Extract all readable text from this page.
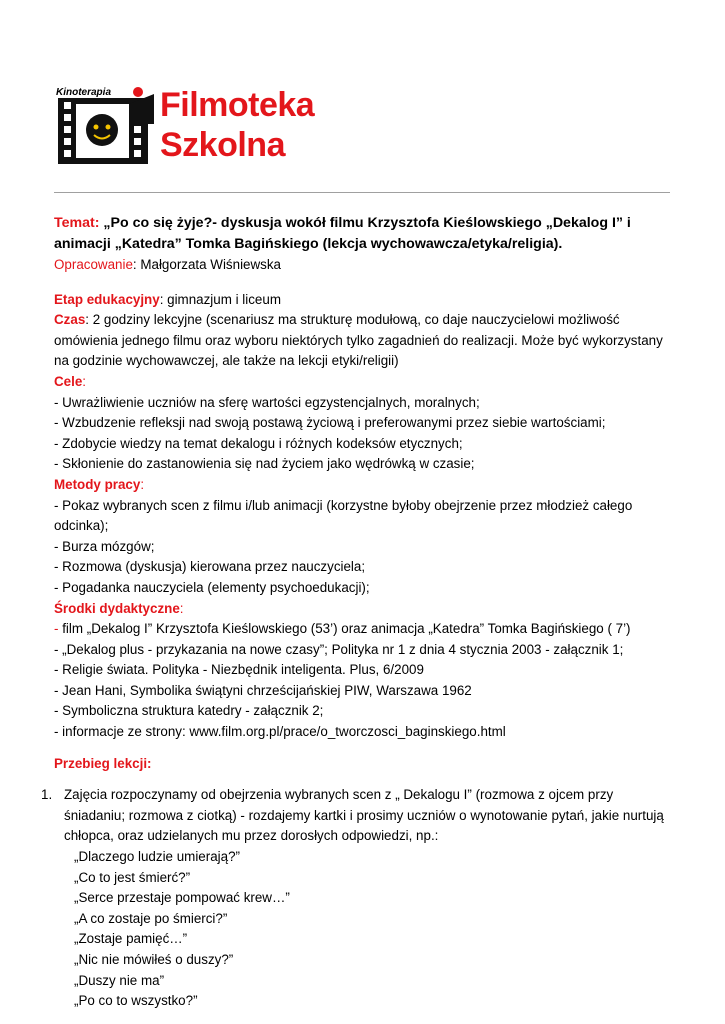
Kinoterapia Filmoteka
Szkolna

Temat: „Po co się żyje?- dyskusja wokół filmu Krzysztofa Kieślowskiego „Dekalog I” i animacji „Katedra” Tomka Bagińskiego (lekcja wychowawcza/etyka/religia).

Opracowanie: Małgorzata Wiśniewska

Etap edukacyjny: gimnazjum i liceum

Czas: 2 godziny lekcyjne (scenariusz ma strukturę modułową, co daje nauczycielowi możliwość omówienia jednego filmu oraz wyboru niektórych tylko zagadnień do realizacji. Może być wykorzystany na godzinie wychowawczej, ale także na lekcji etyki/religii)

Cele:

- Uwrażliwienie uczniów na sferę wartości egzystencjalnych, moralnych;

- Wzbudzenie refleksji nad swoją postawą życiową i preferowanymi przez siebie wartościami;

- Zdobycie wiedzy na temat dekalogu i różnych kodeksów etycznych;

- Skłonienie do zastanowienia się nad życiem jako wędrówką w czasie;

Metody pracy:

- Pokaz wybranych scen z filmu i/lub animacji (korzystne byłoby obejrzenie przez młodzież całego odcinka);

- Burza mózgów;

- Rozmowa (dyskusja) kierowana przez nauczyciela;

- Pogadanka nauczyciela (elementy psychoedukacji);

Środki dydaktyczne:

- film „Dekalog I” Krzysztofa Kieślowskiego (53’) oraz animacja „Katedra” Tomka Bagińskiego ( 7’)

- „Dekalog plus - przykazania na nowe czasy”; Polityka nr 1 z dnia 4 stycznia 2003 - załącznik 1;

- Religie świata. Polityka - Niezbędnik inteligenta. Plus, 6/2009

- Jean Hani, Symbolika świątyni chrześcijańskiej PIW, Warszawa 1962

- Symboliczna struktura katedry - załącznik 2;

- informacje ze strony: www.film.org.pl/prace/o_tworczosci_baginskiego.html

Przebieg lekcji:

1. Zajęcia rozpoczynamy od obejrzenia wybranych scen z „ Dekalogu I” (rozmowa z ojcem przy śniadaniu; rozmowa z ciotką) - rozdajemy kartki i prosimy uczniów o wynotowanie pytań, jakie nurtują chłopca, oraz udzielanych mu przez dorosłych odpowiedzi, np.:

„Dlaczego ludzie umierają?”

„Co to jest śmierć?”

„Serce przestaje pompować krew…”

„A co zostaje po śmierci?”

„Zostaje pamięć…”

„Nic nie mówiłeś o duszy?”

„Duszy nie ma”

„Po co to wszystko?”
